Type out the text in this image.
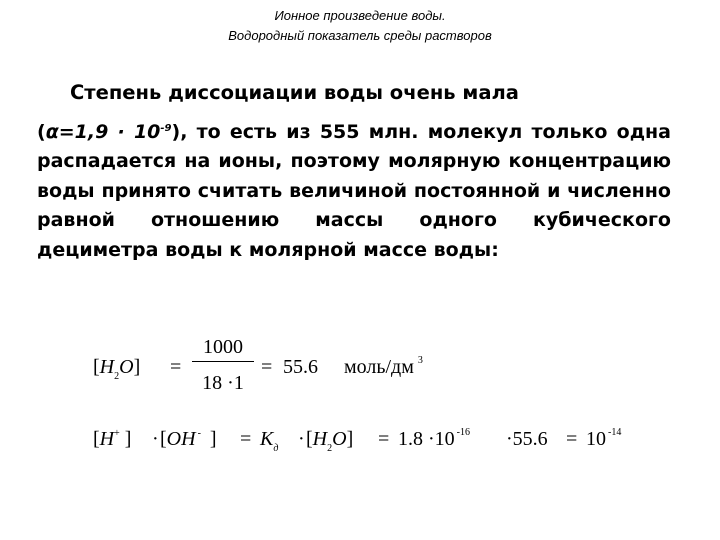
Ионное произведение воды.
Водородный показатель среды растворов
Степень диссоциации воды очень мала
$(\alpha=1,9 \cdot 10^{-9})$, то есть из 555 млн. молекул только одна распадается на ионы, поэтому молярную концентрацию воды принято считать величиной постоянной и численно равной отношению массы одного кубического дециметра воды к молярной массе воды:
$[H_2O]$ =
1000
18 ·1
= 55.6 моль/дм $^3$
[H+ ] · [OH - ] = $K_д \cdot [H_2O] = 1.8 \cdot 10$ $^{-16}$ ·55.6 = 10 $^{-14}$
